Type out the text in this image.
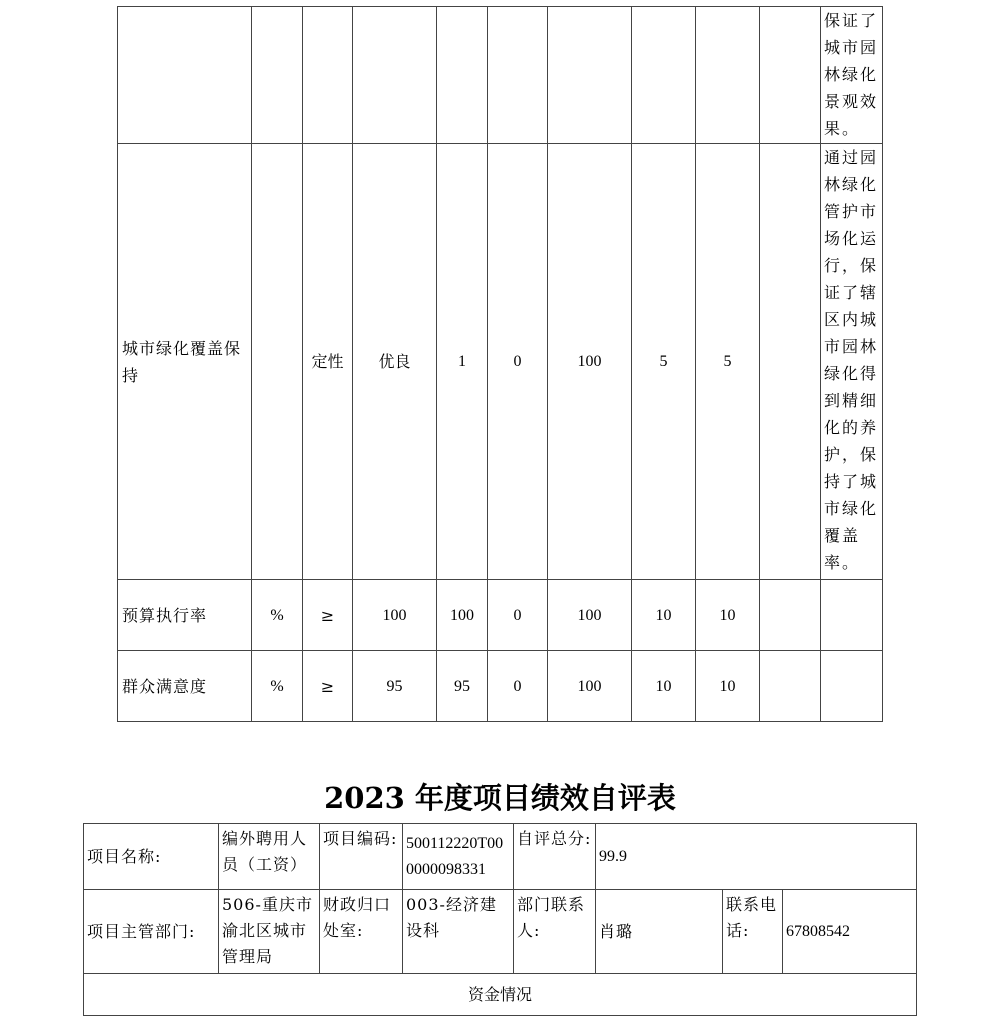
										保证了城市园林绿化景观效果。
城市绿化覆盖保持		定性	优良	1	0	100	5	5		通过园林绿化管护市场化运行，保证了辖区内城市园林绿化得到精细化的养护，保持了城市绿化覆盖率。
预算执行率	%	≥	100	100	0	100	10	10		
群众满意度	%	≥	95	95	0	100	10	10		
2023 年度项目绩效自评表
项目名称:	编外聘用人员（工资）	项目编码:	500112220T000000098331	自评总分:	99.9		
项目主管部门:	506-重庆市渝北区城市管理局	财政归口处室:	003-经济建设科	部门联系人:	肖璐	联系电话:	67808542
资金情况							
